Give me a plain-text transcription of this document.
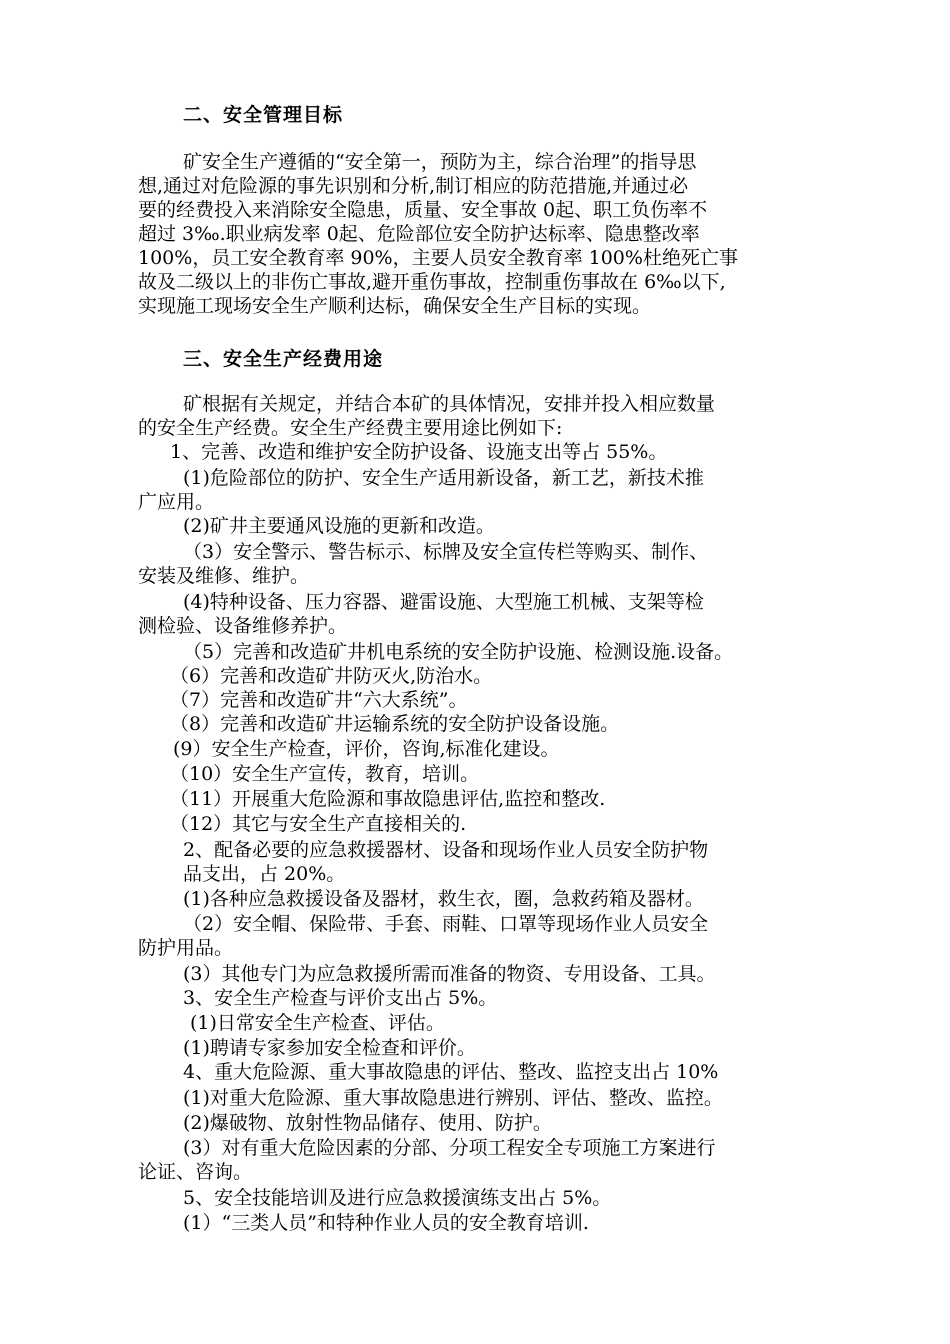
二、安全管理目标
矿安全生产遵循的“安全第一，预防为主，综合治理”的指导思
想,通过对危险源的事先识别和分析,制订相应的防范措施,并通过必
要的经费投入来消除安全隐患，质量、安全事故 0起、职工负伤率不
超过 3‰.职业病发率 0起、危险部位安全防护达标率、隐患整改率
100%，员工安全教育率 90%，主要人员安全教育率 100%杜绝死亡事
故及二级以上的非伤亡事故,避开重伤事故，控制重伤事故在 6‰以下,
实现施工现场安全生产顺利达标，确保安全生产目标的实现。
三、安全生产经费用途
矿根据有关规定，并结合本矿的具体情况，安排并投入相应数量
的安全生产经费。安全生产经费主要用途比例如下:
1、完善、改造和维护安全防护设备、设施支出等占 55%。
(1)危险部位的防护、安全生产适用新设备，新工艺，新技术推
广应用。
(2)矿井主要通风设施的更新和改造。
（3）安全警示、警告标示、标牌及安全宣传栏等购买、制作、
安装及维修、维护。
(4)特种设备、压力容器、避雷设施、大型施工机械、支架等检
测检验、设备维修养护。
（5）完善和改造矿井机电系统的安全防护设施、检测设施.设备。
（6）完善和改造矿井防灭火,防治水。
（7）完善和改造矿井“六大系统”。
（8）完善和改造矿井运输系统的安全防护设备设施。
(9）安全生产检查，评价，咨询,标准化建设。
（10）安全生产宣传，教育，培训。
（11）开展重大危险源和事故隐患评估,监控和整改.
（12）其它与安全生产直接相关的.
2、配备必要的应急救援器材、设备和现场作业人员安全防护物
品支出，占 20%。
(1)各种应急救援设备及器材，救生衣，圈，急救药箱及器材。
（2）安全帽、保险带、手套、雨鞋、口罩等现场作业人员安全
防护用品。
(3）其他专门为应急救援所需而准备的物资、专用设备、工具。
3、安全生产检查与评价支出占 5%。
(1)日常安全生产检查、评估。
(1)聘请专家参加安全检查和评价。
4、重大危险源、重大事故隐患的评估、整改、监控支出占 10%
(1)对重大危险源、重大事故隐患进行辨别、评估、整改、监控。
(2)爆破物、放射性物品储存、使用、防护。
(3）对有重大危险因素的分部、分项工程安全专项施工方案进行
论证、咨询。
5、安全技能培训及进行应急救援演练支出占 5%。
(1）“三类人员”和特种作业人员的安全教育培训.
